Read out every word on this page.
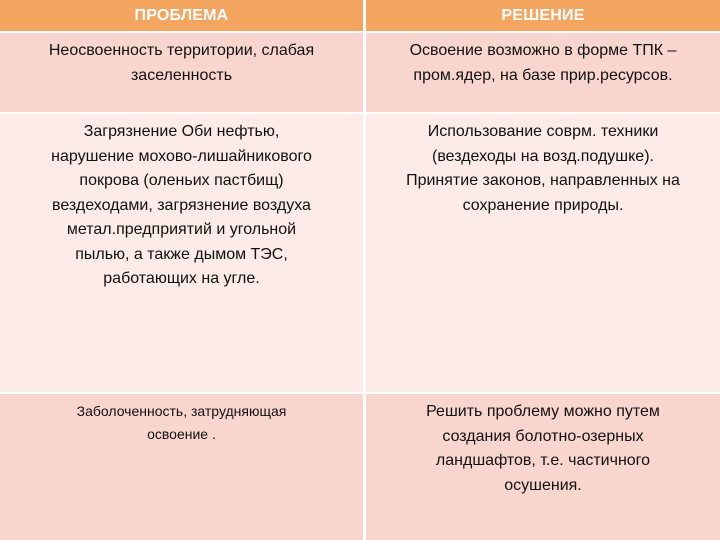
ПРОБЛЕМА	РЕШЕНИЕ
Неосвоенность территории, слабая
заселенность
Освоение возможно в форме ТПК –
пром.ядер, на базе прир.ресурсов.
Загрязнение Оби нефтью,
нарушение мохово-лишайникового
покрова (оленьих пастбищ)
вездеходами, загрязнение воздуха
метал.предприятий и угольной
пылью, а также дымом ТЭС,
работающих на угле.
Использование соврм. техники
(вездеходы на возд.подушке).
Принятие законов, направленных на
сохранение природы.
Заболоченность, затрудняющая
освоение .
Решить проблему можно путем
создания болотно-озерных
ландшафтов, т.е. частичного
осушения.
